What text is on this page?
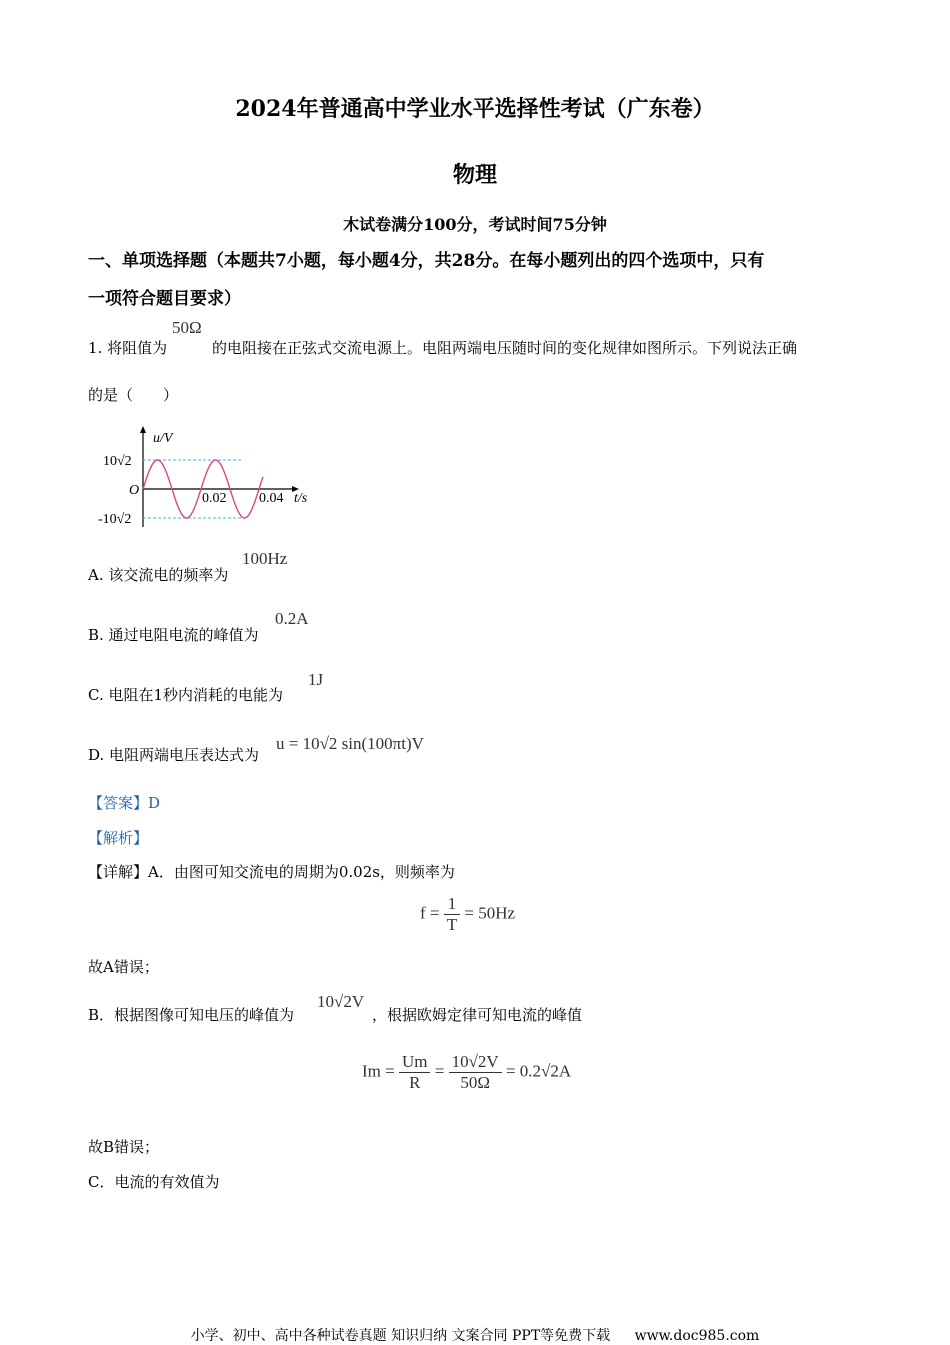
2024年普通高中学业水平选择性考试（广东卷）
物理
木试卷满分100分，考试时间75分钟
一、单项选择题（本题共7小题，每小题4分，共28分。在每小题列出的四个选项中，只有
一项符合题目要求）
1. 将阻值为
50Ω
的电阻接在正弦式交流电源上。电阻两端电压随时间的变化规律如图所示。下列说法正确
的是（　　）
u/V
10√2
-10√2
O
0.02 0.04 t/s
A. 该交流电的频率为
100Hz
B. 通过电阻电流的峰值为
0.2A
C. 电阻在1秒内消耗的电能为
1J
D. 电阻两端电压表达式为
u = 10√2 sin(100πt)V
【答案】D
【解析】
【详解】A．由图可知交流电的周期为0.02s，则频率为
$f = \frac{1}{T} = 50Hz$
故A错误；
B．根据图像可知电压的峰值为
10√2V
，根据欧姆定律可知电流的峰值
$Im = \frac{Um}{R} = \frac{10√2V}{50\Omega} = 0.2√2A$
故B错误；
C．电流的有效值为
小学、初中、高中各种试卷真题 知识归纳 文案合同 PPT等免费下载 www.doc985.com
